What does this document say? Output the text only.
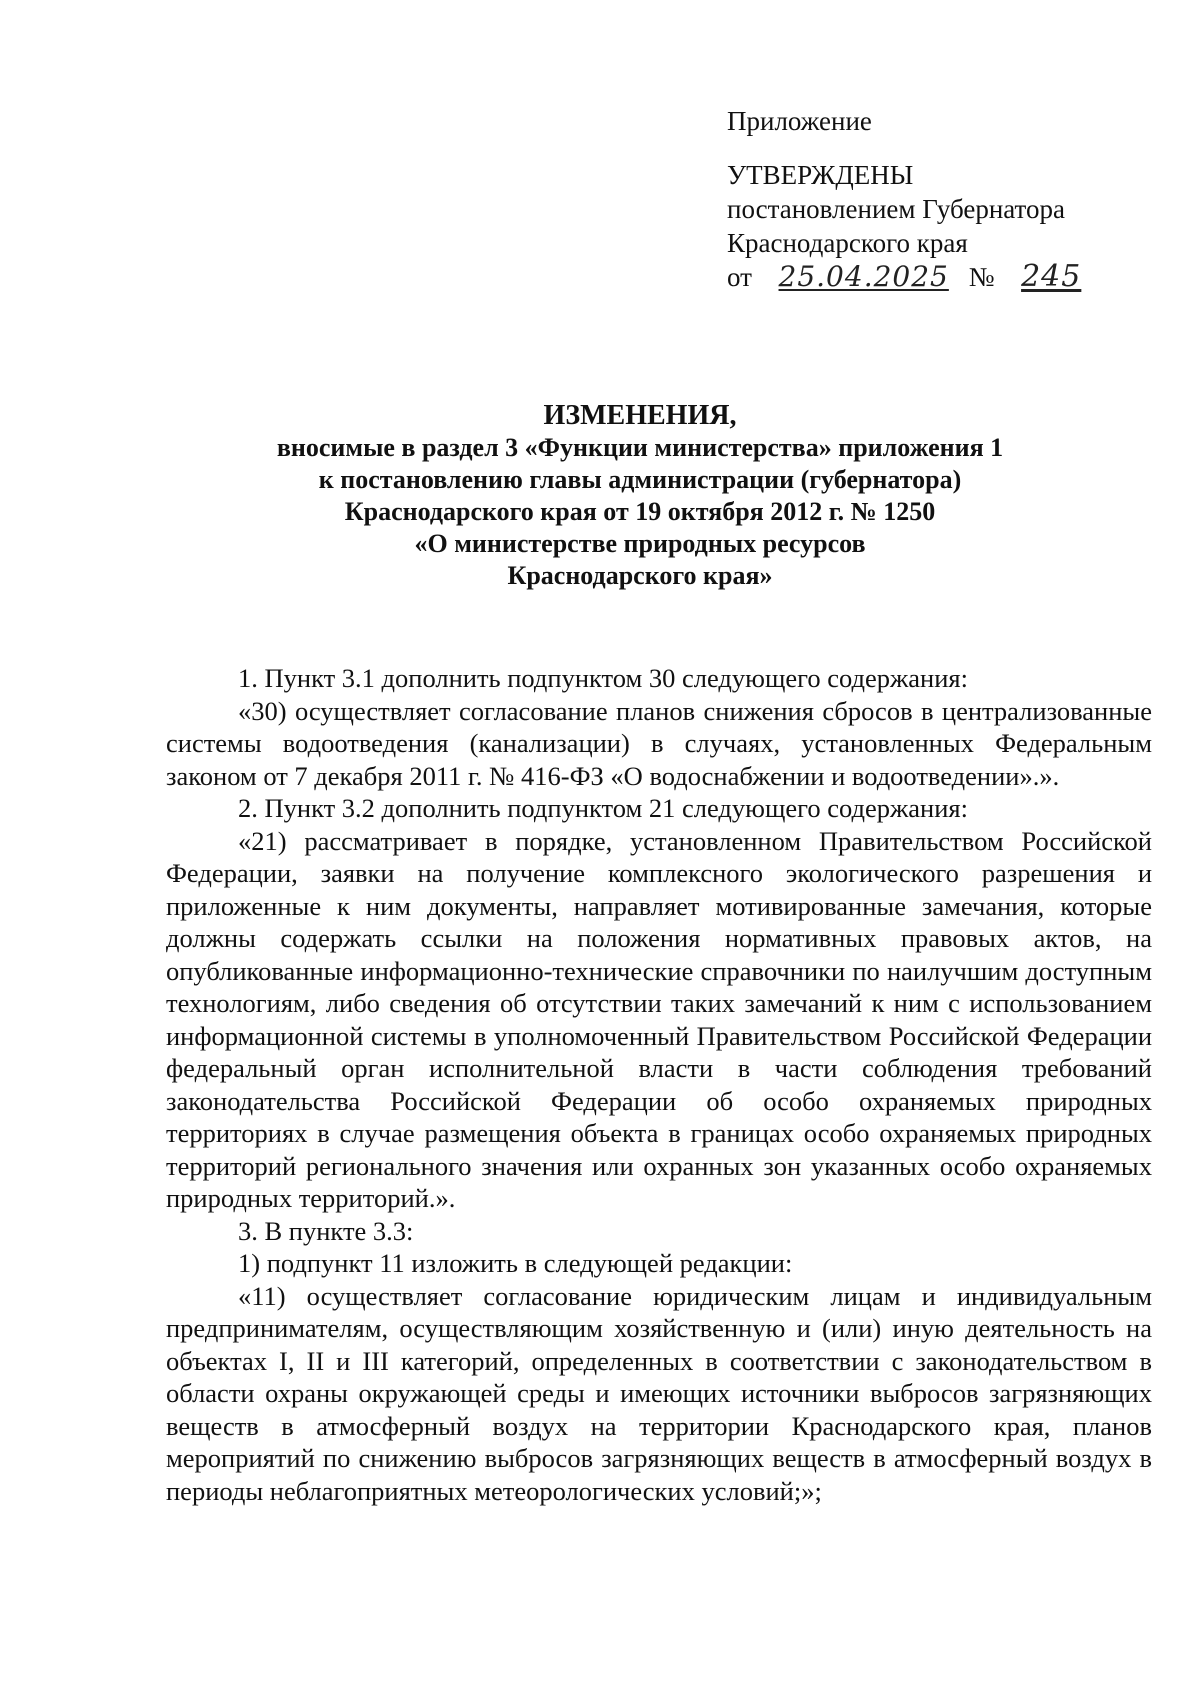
Приложение
УТВЕРЖДЕНЫ
постановлением Губернатора
Краснодарского края
от 25.04.2025 № 245
ИЗМЕНЕНИЯ,
вносимые в раздел 3 «Функции министерства» приложения 1
к постановлению главы администрации (губернатора)
Краснодарского края от 19 октября 2012 г. № 1250
«О министерстве природных ресурсов
Краснодарского края»

1. Пункт 3.1 дополнить подпунктом 30 следующего содержания:

«30) осуществляет согласование планов снижения сбросов в централизованные системы водоотведения (канализации) в случаях, установленных Федеральным законом от 7 декабря 2011 г. № 416-ФЗ «О водоснабжении и водоотведении».».

2. Пункт 3.2 дополнить подпунктом 21 следующего содержания:

«21) рассматривает в порядке, установленном Правительством Российской Федерации, заявки на получение комплексного экологического разрешения и приложенные к ним документы, направляет мотивированные замечания, которые должны содержать ссылки на положения нормативных правовых актов, на опубликованные информационно-технические справочники по наилучшим доступным технологиям, либо сведения об отсутствии таких замечаний к ним с использованием информационной системы в уполномоченный Правительством Российской Федерации федеральный орган исполнительной власти в части соблюдения требований законодательства Российской Федерации об особо охраняемых природных территориях в случае размещения объекта в границах особо охраняемых природных территорий регионального значения или охранных зон указанных особо охраняемых природных территорий.».

3. В пункте 3.3:

1) подпункт 11 изложить в следующей редакции:

«11) осуществляет согласование юридическим лицам и индивидуальным предпринимателям, осуществляющим хозяйственную и (или) иную деятельность на объектах I, II и III категорий, определенных в соответствии с законодательством в области охраны окружающей среды и имеющих источники выбросов загрязняющих веществ в атмосферный воздух на территории Краснодарского края, планов мероприятий по снижению выбросов загрязняющих веществ в атмосферный воздух в периоды неблагоприятных метеорологических условий;»;
